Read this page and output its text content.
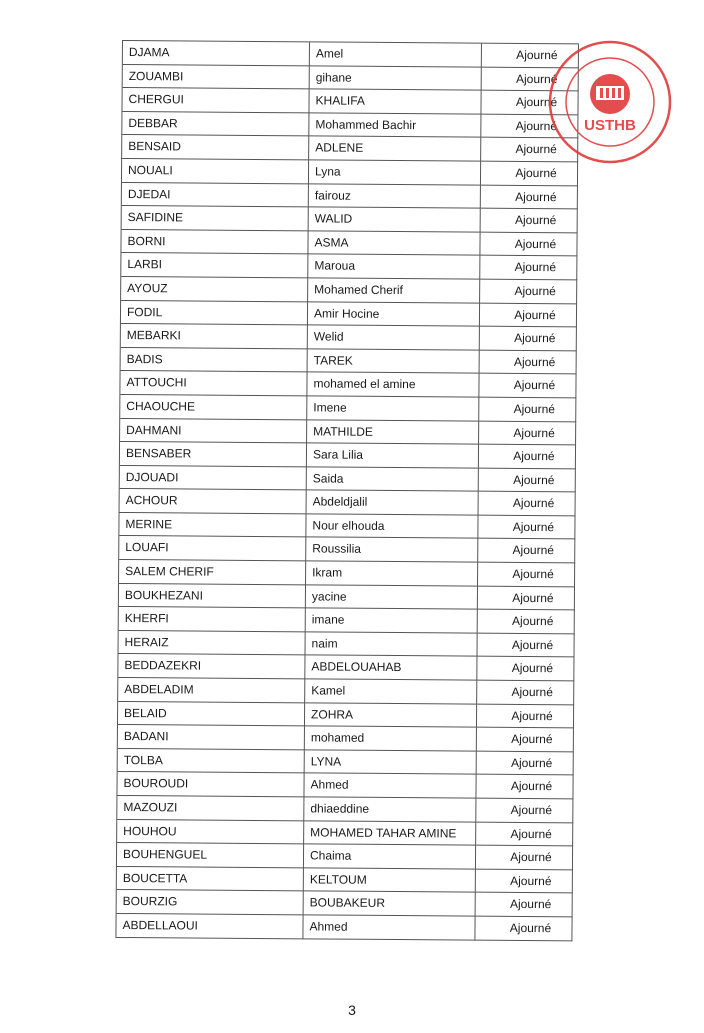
DJAMA	Amel	Ajourné
ZOUAMBI	gihane	Ajourné
CHERGUI	KHALIFA	Ajourné
DEBBAR	Mohammed Bachir	Ajourné
BENSAID	ADLENE	Ajourné
NOUALI	Lyna	Ajourné
DJEDAI	fairouz	Ajourné
SAFIDINE	WALID	Ajourné
BORNI	ASMA	Ajourné
LARBI	Maroua	Ajourné
AYOUZ	Mohamed Cherif	Ajourné
FODIL	Amir Hocine	Ajourné
MEBARKI	Welid	Ajourné
BADIS	TAREK	Ajourné
ATTOUCHI	mohamed el amine	Ajourné
CHAOUCHE	Imene	Ajourné
DAHMANI	MATHILDE	Ajourné
BENSABER	Sara Lilia	Ajourné
DJOUADI	Saida	Ajourné
ACHOUR	Abdeldjalil	Ajourné
MERINE	Nour elhouda	Ajourné
LOUAFI	Roussilia	Ajourné
SALEM CHERIF	Ikram	Ajourné
BOUKHEZANI	yacine	Ajourné
KHERFI	imane	Ajourné
HERAIZ	naim	Ajourné
BEDDAZEKRI	ABDELOUAHAB	Ajourné
ABDELADIM	Kamel	Ajourné
BELAID	ZOHRA	Ajourné
BADANI	mohamed	Ajourné
TOLBA	LYNA	Ajourné
BOUROUDI	Ahmed	Ajourné
MAZOUZI	dhiaeddine	Ajourné
HOUHOU	MOHAMED TAHAR AMINE	Ajourné
BOUHENGUEL	Chaima	Ajourné
BOUCETTA	KELTOUM	Ajourné
BOURZIG	BOUBAKEUR	Ajourné
ABDELLAOUI	Ahmed	Ajourné
USTHB
3
